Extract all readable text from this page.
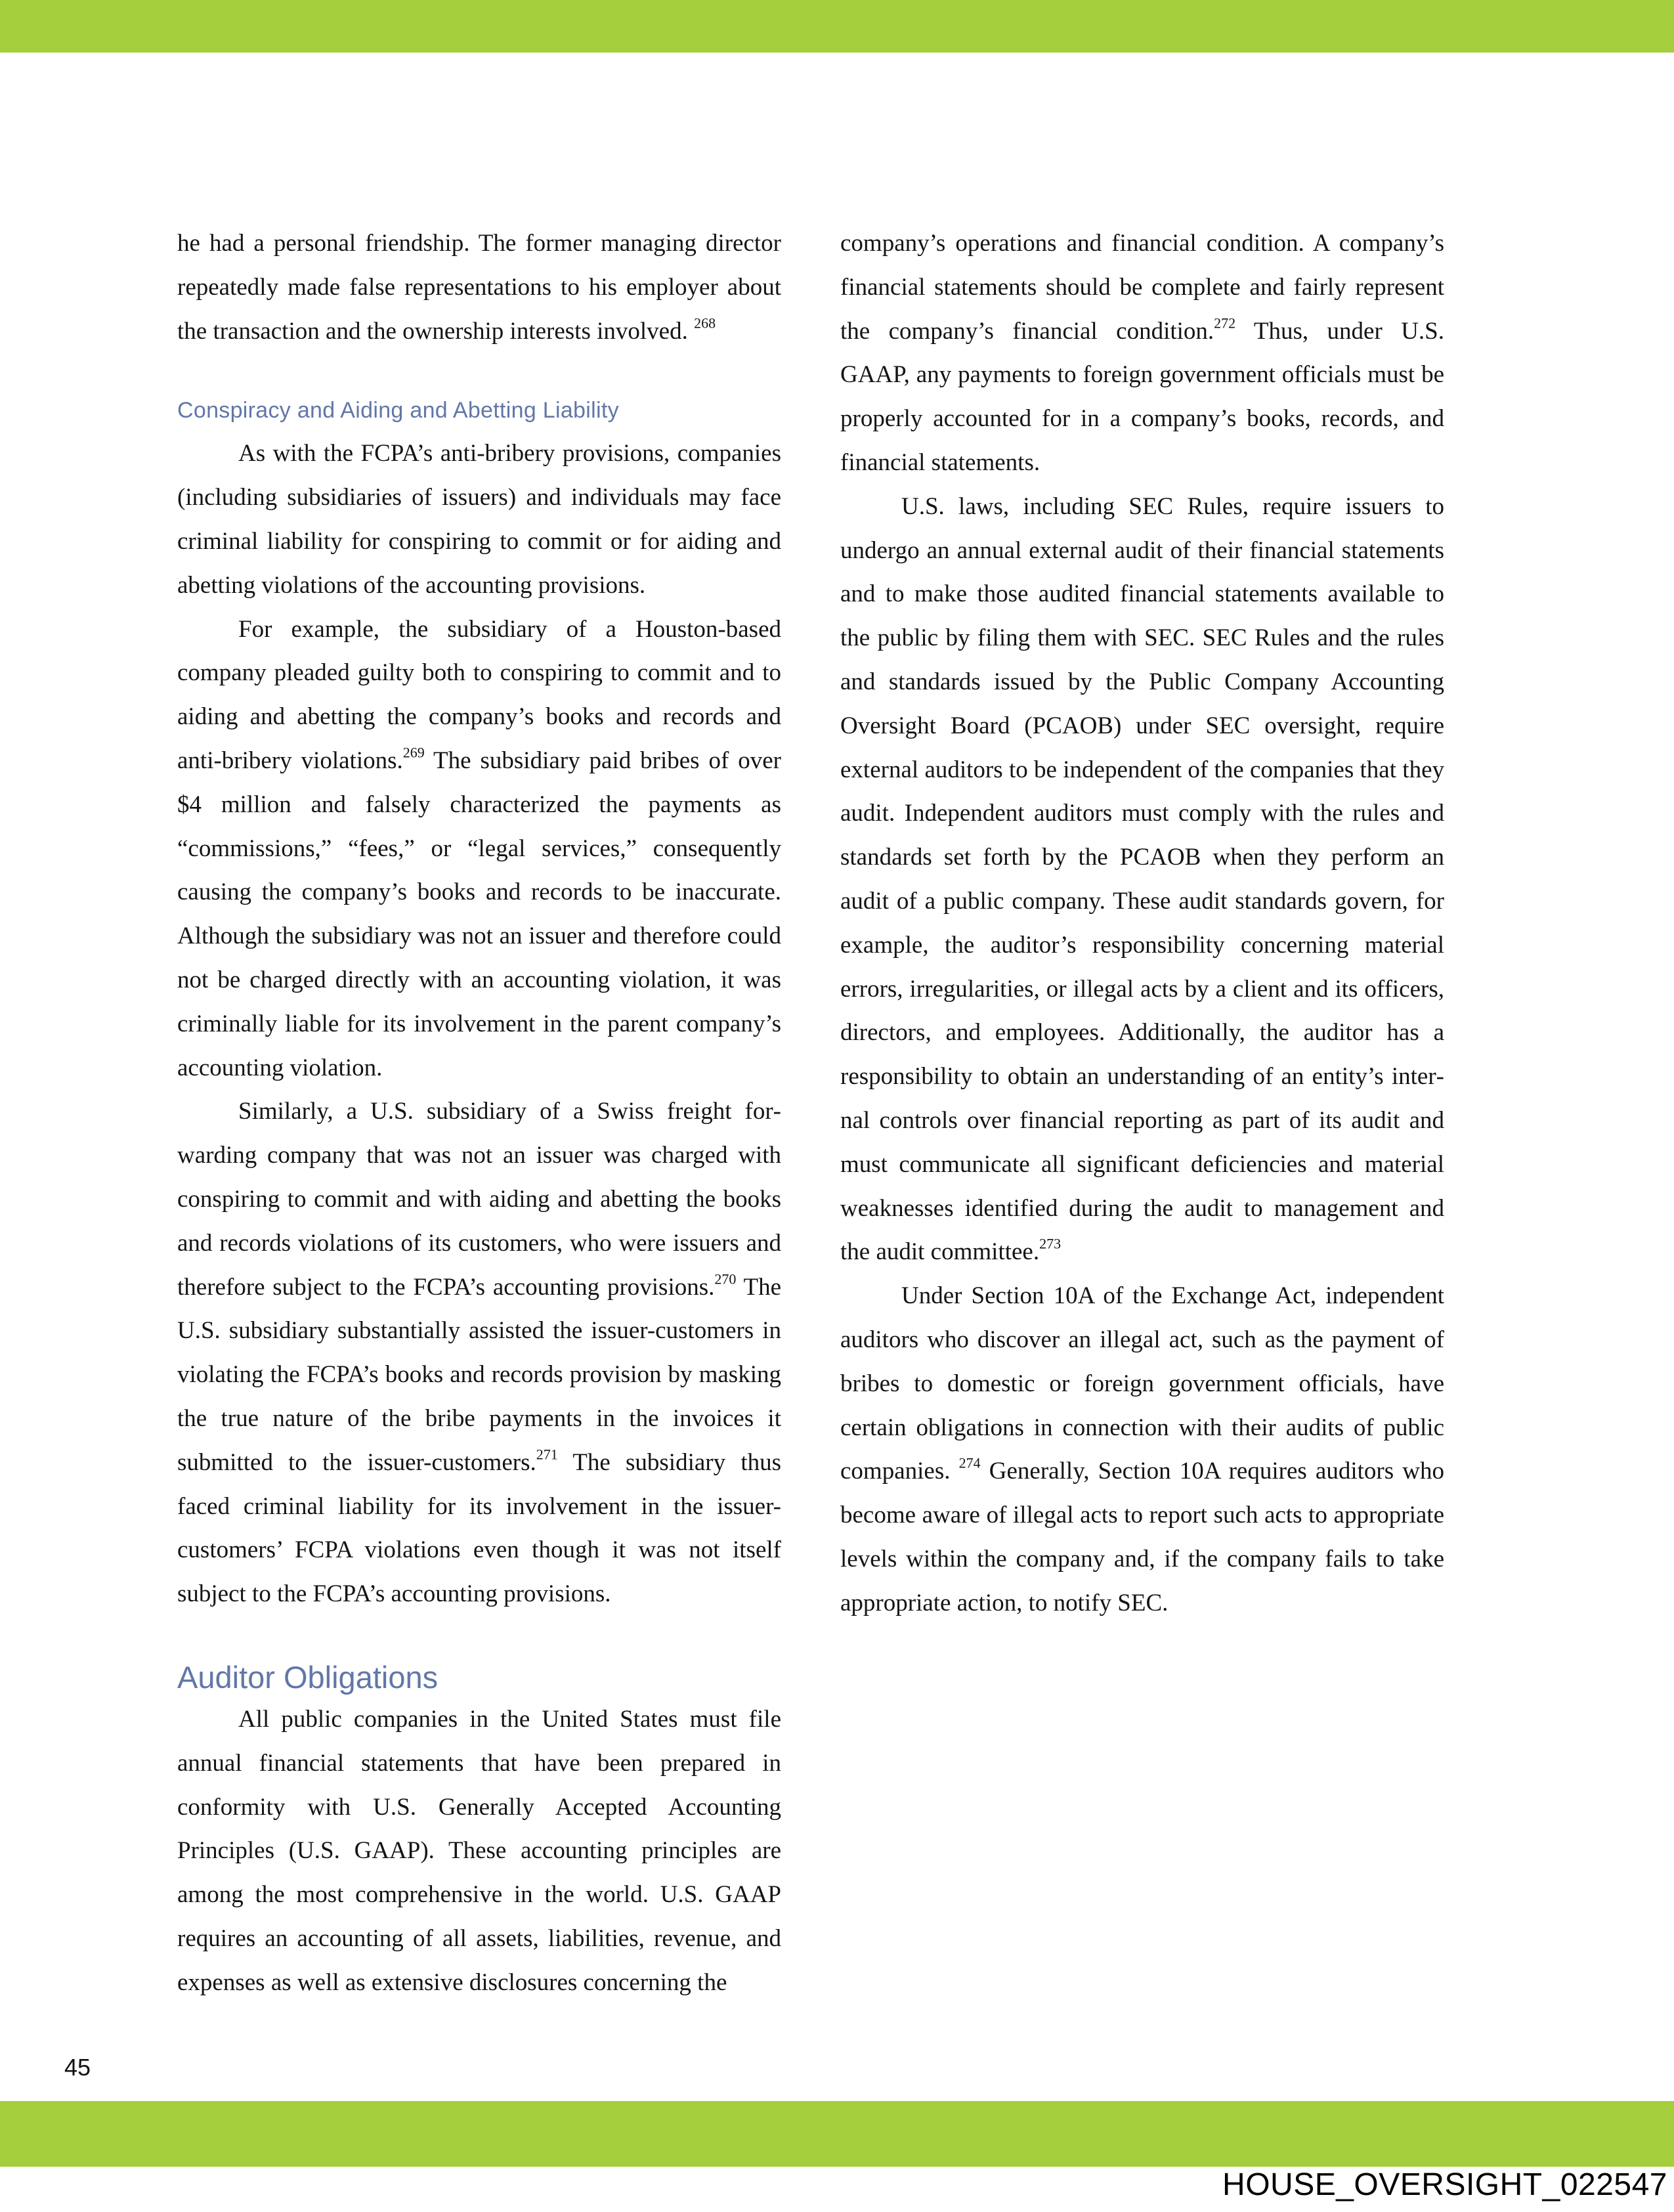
he had a personal friendship. The former managing director repeatedly made false representations to his employer about the transaction and the ownership interests involved. $^{268}$

Conspiracy and Aiding and Abetting Liability

As with the FCPA’s anti-bribery provisions, companies (including subsidiaries of issuers) and individuals may face criminal liability for conspiring to commit or for aiding and abetting violations of the accounting provisions.

For example, the subsidiary of a Houston-based company pleaded guilty both to conspiring to commit and to aiding and abetting the company’s books and records and anti-bribery violations.$^{269}$ The subsidiary paid bribes of over $4 million and falsely characterized the payments as “commissions,” “fees,” or “legal services,” consequently causing the company’s books and records to be inaccurate. Although the subsidiary was not an issuer and therefore could not be charged directly with an accounting violation, it was criminally liable for its involvement in the parent company’s accounting violation.

Similarly, a U.S. subsidiary of a Swiss freight forwarding company that was not an issuer was charged with conspiring to commit and with aiding and abetting the books and records violations of its customers, who were issuers and therefore subject to the FCPA’s accounting provisions.$^{270}$ The U.S. subsidiary substantially assisted the issuer-customers in violating the FCPA’s books and records provision by masking the true nature of the bribe payments in the invoices it submitted to the issuer-customers.$^{271}$ The subsidiary thus faced criminal liability for its involvement in the issuer-customers’ FCPA violations even though it was not itself subject to the FCPA’s accounting provisions.

Auditor Obligations

All public companies in the United States must file annual financial statements that have been prepared in conformity with U.S. Generally Accepted Accounting Principles (U.S. GAAP). These accounting principles are among the most comprehensive in the world. U.S. GAAP requires an accounting of all assets, liabilities, revenue, and expenses as well as extensive disclosures concerning the

company’s operations and financial condition. A company’s financial statements should be complete and fairly represent the company’s financial condition.$^{272}$ Thus, under U.S. GAAP, any payments to foreign government officials must be properly accounted for in a company’s books, records, and financial statements.

U.S. laws, including SEC Rules, require issuers to undergo an annual external audit of their financial statements and to make those audited financial statements available to the public by filing them with SEC. SEC Rules and the rules and standards issued by the Public Company Accounting Oversight Board (PCAOB) under SEC oversight, require external auditors to be independent of the companies that they audit. Independent auditors must comply with the rules and standards set forth by the PCAOB when they perform an audit of a public company. These audit standards govern, for example, the auditor’s responsibility concerning material errors, irregularities, or illegal acts by a client and its officers, directors, and employees. Additionally, the auditor has a responsibility to obtain an understanding of an entity’s internal controls over financial reporting as part of its audit and must communicate all significant deficiencies and material weaknesses identified during the audit to management and the audit committee.$^{273}$

Under Section 10A of the Exchange Act, independent auditors who discover an illegal act, such as the payment of bribes to domestic or foreign government officials, have certain obligations in connection with their audits of public companies. $^{274}$ Generally, Section 10A requires auditors who become aware of illegal acts to report such acts to appropriate levels within the company and, if the company fails to take appropriate action, to notify SEC.

45
HOUSE_OVERSIGHT_022547
